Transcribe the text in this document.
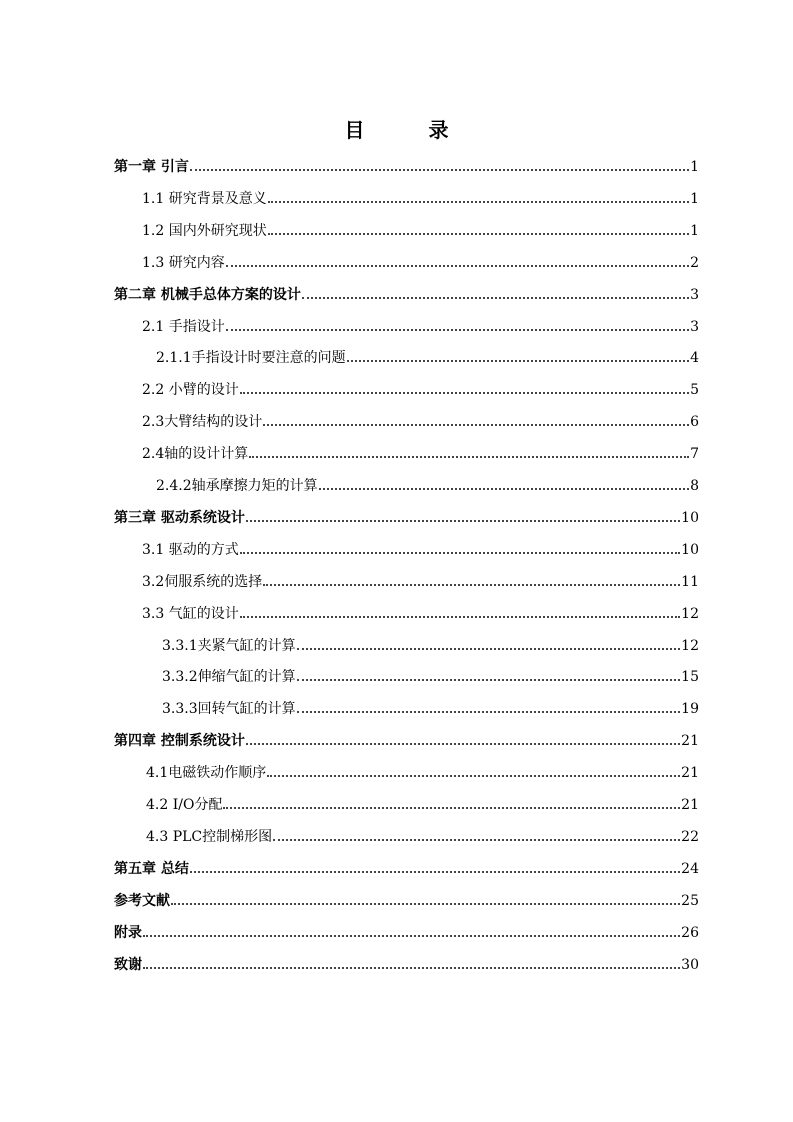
目　录
第一章 引言	1
1.1 研究背景及意义	1
1.2 国内外研究现状	1
1.3 研究内容	2
第二章 机械手总体方案的设计	3
2.1 手指设计	3
2.1.1手指设计时要注意的问题	4
2.2 小臂的设计	5
2.3大臂结构的设计	6
2.4轴的设计计算	7
2.4.2轴承摩擦力矩的计算	8
第三章 驱动系统设计	10
3.1 驱动的方式	10
3.2伺服系统的选择	11
3.3 气缸的设计	12
3.3.1夹紧气缸的计算	12
3.3.2伸缩气缸的计算	15
3.3.3回转气缸的计算	19
第四章 控制系统设计	21
4.1电磁铁动作顺序	21
4.2 I/O分配	21
4.3 PLC控制梯形图	22
第五章 总结	24
参考文献	25
附录	26
致谢	30
